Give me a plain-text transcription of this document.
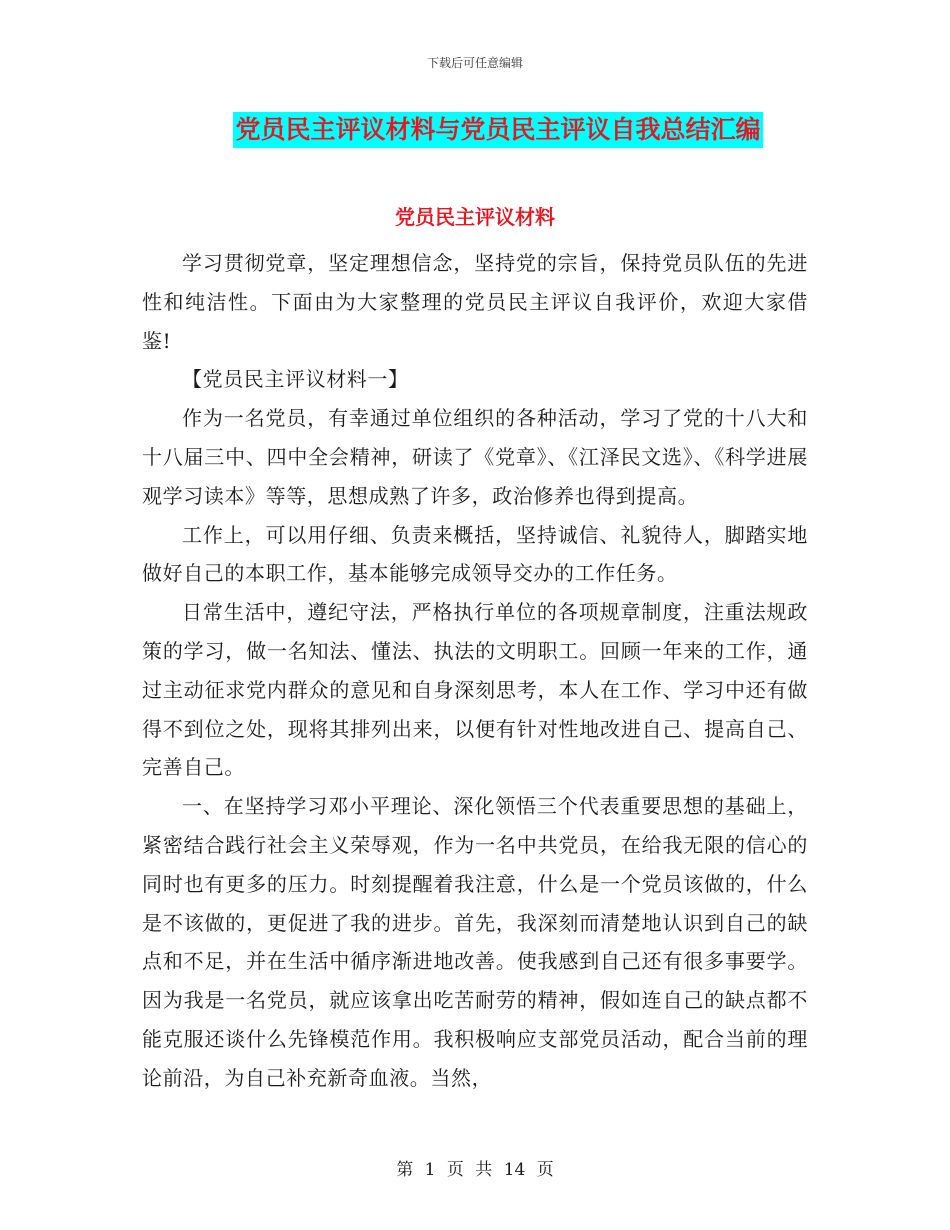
下载后可任意编辑
党员民主评议材料与党员民主评议自我总结汇编
党员民主评议材料

学习贯彻党章，坚定理想信念，坚持党的宗旨，保持党员队伍的先进性和纯洁性。下面由为大家整理的党员民主评议自我评价，欢迎大家借鉴!

【党员民主评议材料一】

作为一名党员，有幸通过单位组织的各种活动，学习了党的十八大和十八届三中、四中全会精神，研读了《党章》、《江泽民文选》、《科学进展观学习读本》等等，思想成熟了许多，政治修养也得到提高。

工作上，可以用仔细、负责来概括，坚持诚信、礼貌待人，脚踏实地做好自己的本职工作，基本能够完成领导交办的工作任务。

日常生活中，遵纪守法，严格执行单位的各项规章制度，注重法规政策的学习，做一名知法、懂法、执法的文明职工。回顾一年来的工作，通过主动征求党内群众的意见和自身深刻思考，本人在工作、学习中还有做得不到位之处，现将其排列出来，以便有针对性地改进自己、提高自己、完善自己。

一、在坚持学习邓小平理论、深化领悟三个代表重要思想的基础上，紧密结合践行社会主义荣辱观，作为一名中共党员，在给我无限的信心的同时也有更多的压力。时刻提醒着我注意，什么是一个党员该做的，什么是不该做的，更促进了我的进步。首先，我深刻而清楚地认识到自己的缺点和不足，并在生活中循序渐进地改善。使我感到自己还有很多事要学。因为我是一名党员，就应该拿出吃苦耐劳的精神，假如连自己的缺点都不能克服还谈什么先锋模范作用。我积极响应支部党员活动，配合当前的理论前沿，为自己补充新奇血液。当然，

第 1 页 共 14 页
